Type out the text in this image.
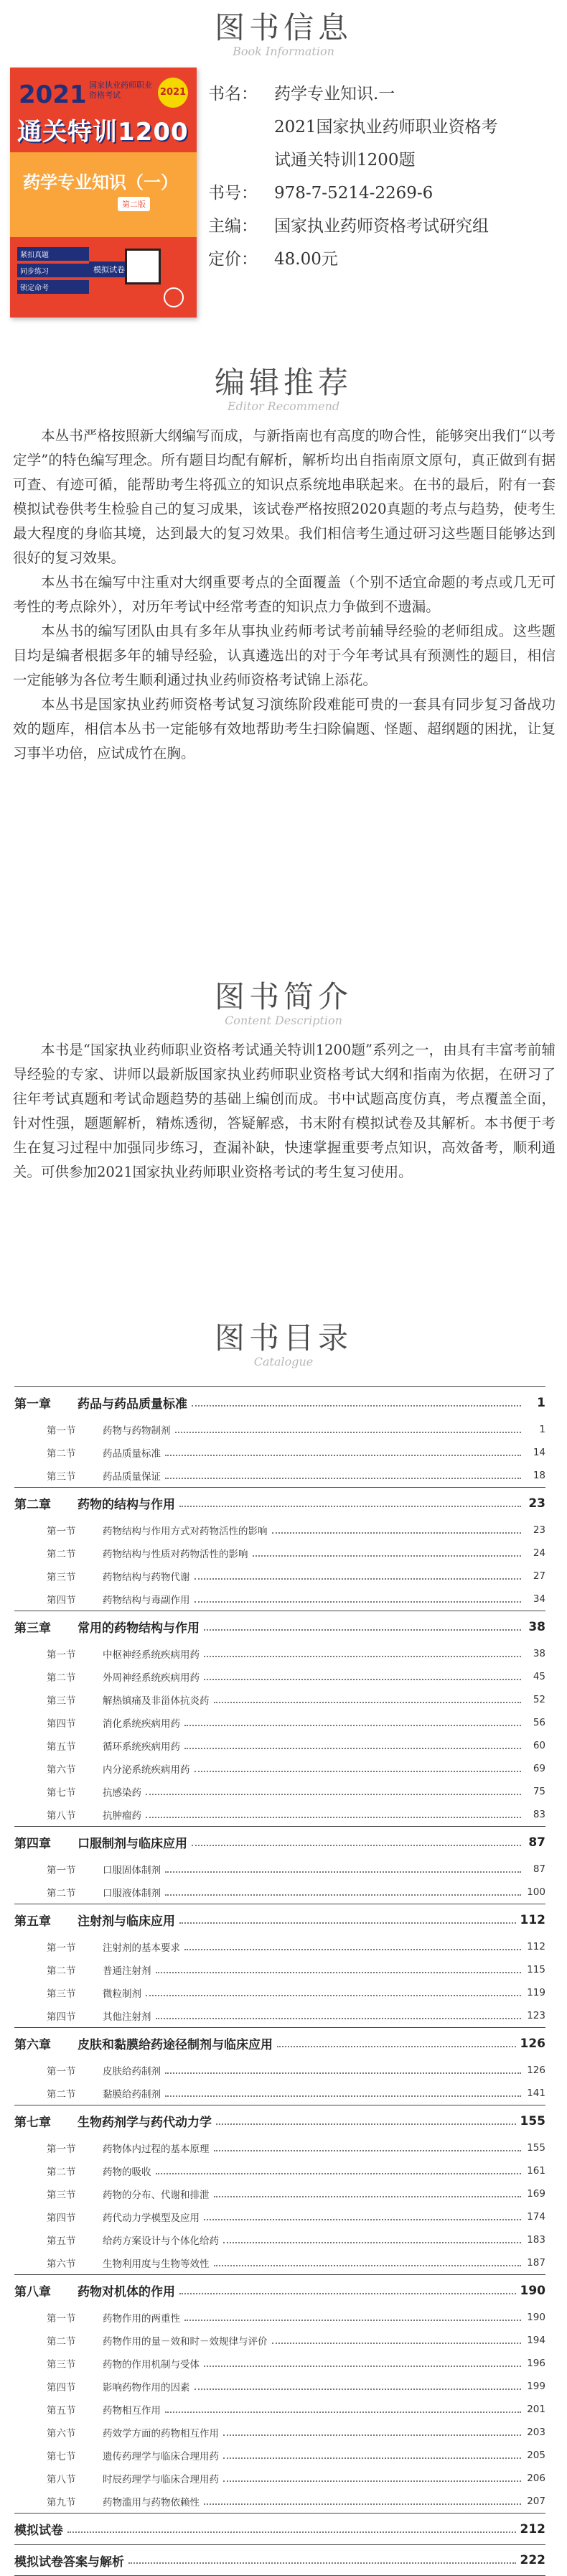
图书信息
Book Information
2021 国家执业药师职业资格考试	2021
通关特训1200
药学专业知识（一）
第二版
紧扣真题
同步练习
锁定命考
模拟试卷
书名：	药学专业知识.一
2021国家执业药师职业资格考
试通关特训1200题
书号：	978-7-5214-2269-6
主编：	国家执业药师资格考试研究组
定价：	48.00元
编辑推荐
Editor Recommend

本丛书严格按照新大纲编写而成，与新指南也有高度的吻合性，能够突出我们“以考定学”的特色编写理念。所有题目均配有解析，解析均出自指南原文原句，真正做到有据可查、有迹可循，能帮助考生将孤立的知识点系统地串联起来。在书的最后，附有一套模拟试卷供考生检验自己的复习成果，该试卷严格按照2020真题的考点与趋势，使考生最大程度的身临其境，达到最大的复习效果。我们相信考生通过研习这些题目能够达到很好的复习效果。

本丛书在编写中注重对大纲重要考点的全面覆盖（个别不适宜命题的考点或几无可考性的考点除外），对历年考试中经常考查的知识点力争做到不遗漏。

本丛书的编写团队由具有多年从事执业药师考试考前辅导经验的老师组成。这些题目均是编者根据多年的辅导经验，认真遴选出的对于今年考试具有预测性的题目，相信一定能够为各位考生顺利通过执业药师资格考试锦上添花。

本丛书是国家执业药师资格考试复习演练阶段难能可贵的一套具有同步复习备战功效的题库，相信本丛书一定能够有效地帮助考生扫除偏题、怪题、超纲题的困扰，让复习事半功倍，应试成竹在胸。

图书简介
Content Description

本书是“国家执业药师职业资格考试通关特训1200题”系列之一，由具有丰富考前辅导经验的专家、讲师以最新版国家执业药师职业资格考试大纲和指南为依据，在研习了往年考试真题和考试命题趋势的基础上编创而成。书中试题高度仿真，考点覆盖全面，针对性强，题题解析，精炼透彻，答疑解惑，书末附有模拟试卷及其解析。本书便于考生在复习过程中加强同步练习，查漏补缺，快速掌握重要考点知识，高效备考，顺利通关。可供参加2021国家执业药师职业资格考试的考生复习使用。

图书目录
Catalogue
第一章	药品与药品质量标准	1
第一节	药物与药物制剂	1
第二节	药品质量标准	14
第三节	药品质量保证	18
第二章	药物的结构与作用	23
第一节	药物结构与作用方式对药物活性的影响	23
第二节	药物结构与性质对药物活性的影响	24
第三节	药物结构与药物代谢	27
第四节	药物结构与毒副作用	34
第三章	常用的药物结构与作用	38
第一节	中枢神经系统疾病用药	38
第二节	外周神经系统疾病用药	45
第三节	解热镇痛及非甾体抗炎药	52
第四节	消化系统疾病用药	56
第五节	循环系统疾病用药	60
第六节	内分泌系统疾病用药	69
第七节	抗感染药	75
第八节	抗肿瘤药	83
第四章	口服制剂与临床应用	87
第一节	口服固体制剂	87
第二节	口服液体制剂	100
第五章	注射剂与临床应用	112
第一节	注射剂的基本要求	112
第二节	普通注射剂	115
第三节	微粒制剂	119
第四节	其他注射剂	123
第六章	皮肤和黏膜给药途径制剂与临床应用	126
第一节	皮肤给药制剂	126
第二节	黏膜给药制剂	141
第七章	生物药剂学与药代动力学	155
第一节	药物体内过程的基本原理	155
第二节	药物的吸收	161
第三节	药物的分布、代谢和排泄	169
第四节	药代动力学模型及应用	174
第五节	给药方案设计与个体化给药	183
第六节	生物利用度与生物等效性	187
第八章	药物对机体的作用	190
第一节	药物作用的两重性	190
第二节	药物作用的量－效和时－效规律与评价	194
第三节	药物的作用机制与受体	196
第四节	影响药物作用的因素	199
第五节	药物相互作用	201
第六节	药效学方面的药物相互作用	203
第七节	遗传药理学与临床合理用药	205
第八节	时辰药理学与临床合理用药	206
第九节	药物滥用与药物依赖性	207
模拟试卷	212
模拟试卷答案与解析	222
